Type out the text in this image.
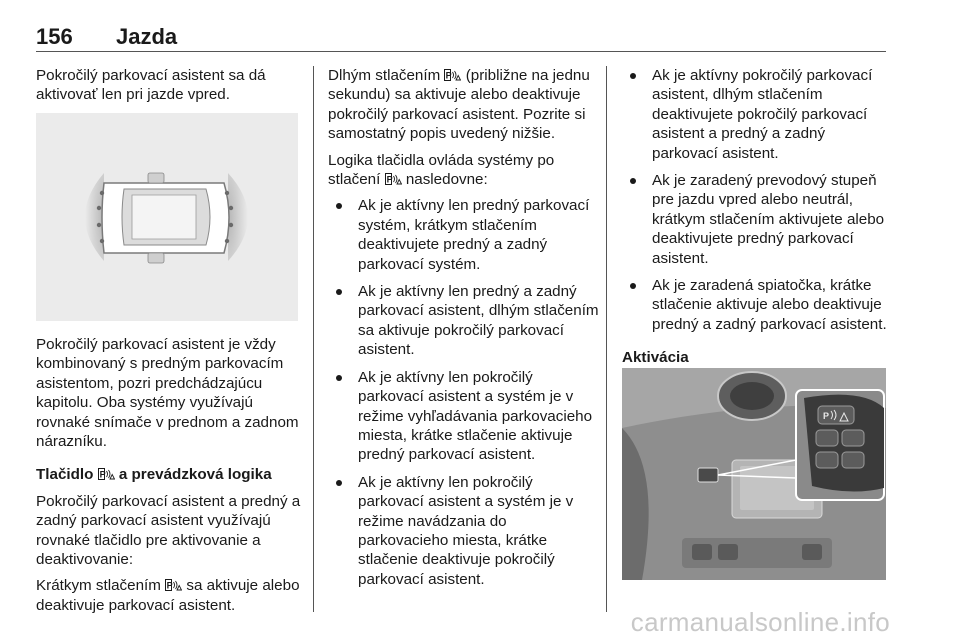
156 Jazda

Pokročilý parkovací asistent sa dá aktivovať len pri jazde vpred.

Pokročilý parkovací asistent je vždy kombinovaný s predným parkovacím asistentom, pozri predchádzajúcu kapitolu. Oba systémy využívajú rovnaké snímače v prednom a zadnom nárazníku.

Tlačidlo a prevádzková logika

Pokročilý parkovací asistent a predný a zadný parkovací asistent využívajú rovnaké tlačidlo pre aktivovanie a deaktivovanie:

Krátkym stlačením sa aktivuje alebo deaktivuje parkovací asistent.

Dlhým stlačením (približne na jednu sekundu) sa aktivuje alebo deaktivuje pokročilý parkovací asistent. Pozrite si samostatný popis uvedený nižšie.

Logika tlačidla ovláda systémy po stlačení nasledovne:

Ak je aktívny len predný parkovací systém, krátkym stlačením deaktivujete predný a zadný parkovací systém.
Ak je aktívny len predný a zadný parkovací asistent, dlhým stlačením sa aktivuje pokročilý parkovací asistent.
Ak je aktívny len pokročilý parkovací asistent a systém je v režime vyhľadávania parkovacieho miesta, krátke stlačenie aktivuje predný parkovací asistent.
Ak je aktívny len pokročilý parkovací asistent a systém je v režime navádzania do parkovacieho miesta, krátke stlačenie deaktivuje pokročilý parkovací asistent.
Ak je aktívny pokročilý parkovací asistent, dlhým stlačením deaktivujete pokročilý parkovací asistent a predný a zadný parkovací asistent.
Ak je zaradený prevodový stupeň pre jazdu vpred alebo neutrál, krátkym stlačením aktivujete alebo deaktivujete predný parkovací asistent.
Ak je zaradená spiatočka, krátke stlačenie aktivuje alebo deaktivuje predný a zadný parkovací asistent.

Aktivácia

P
carmanualsonline.info
